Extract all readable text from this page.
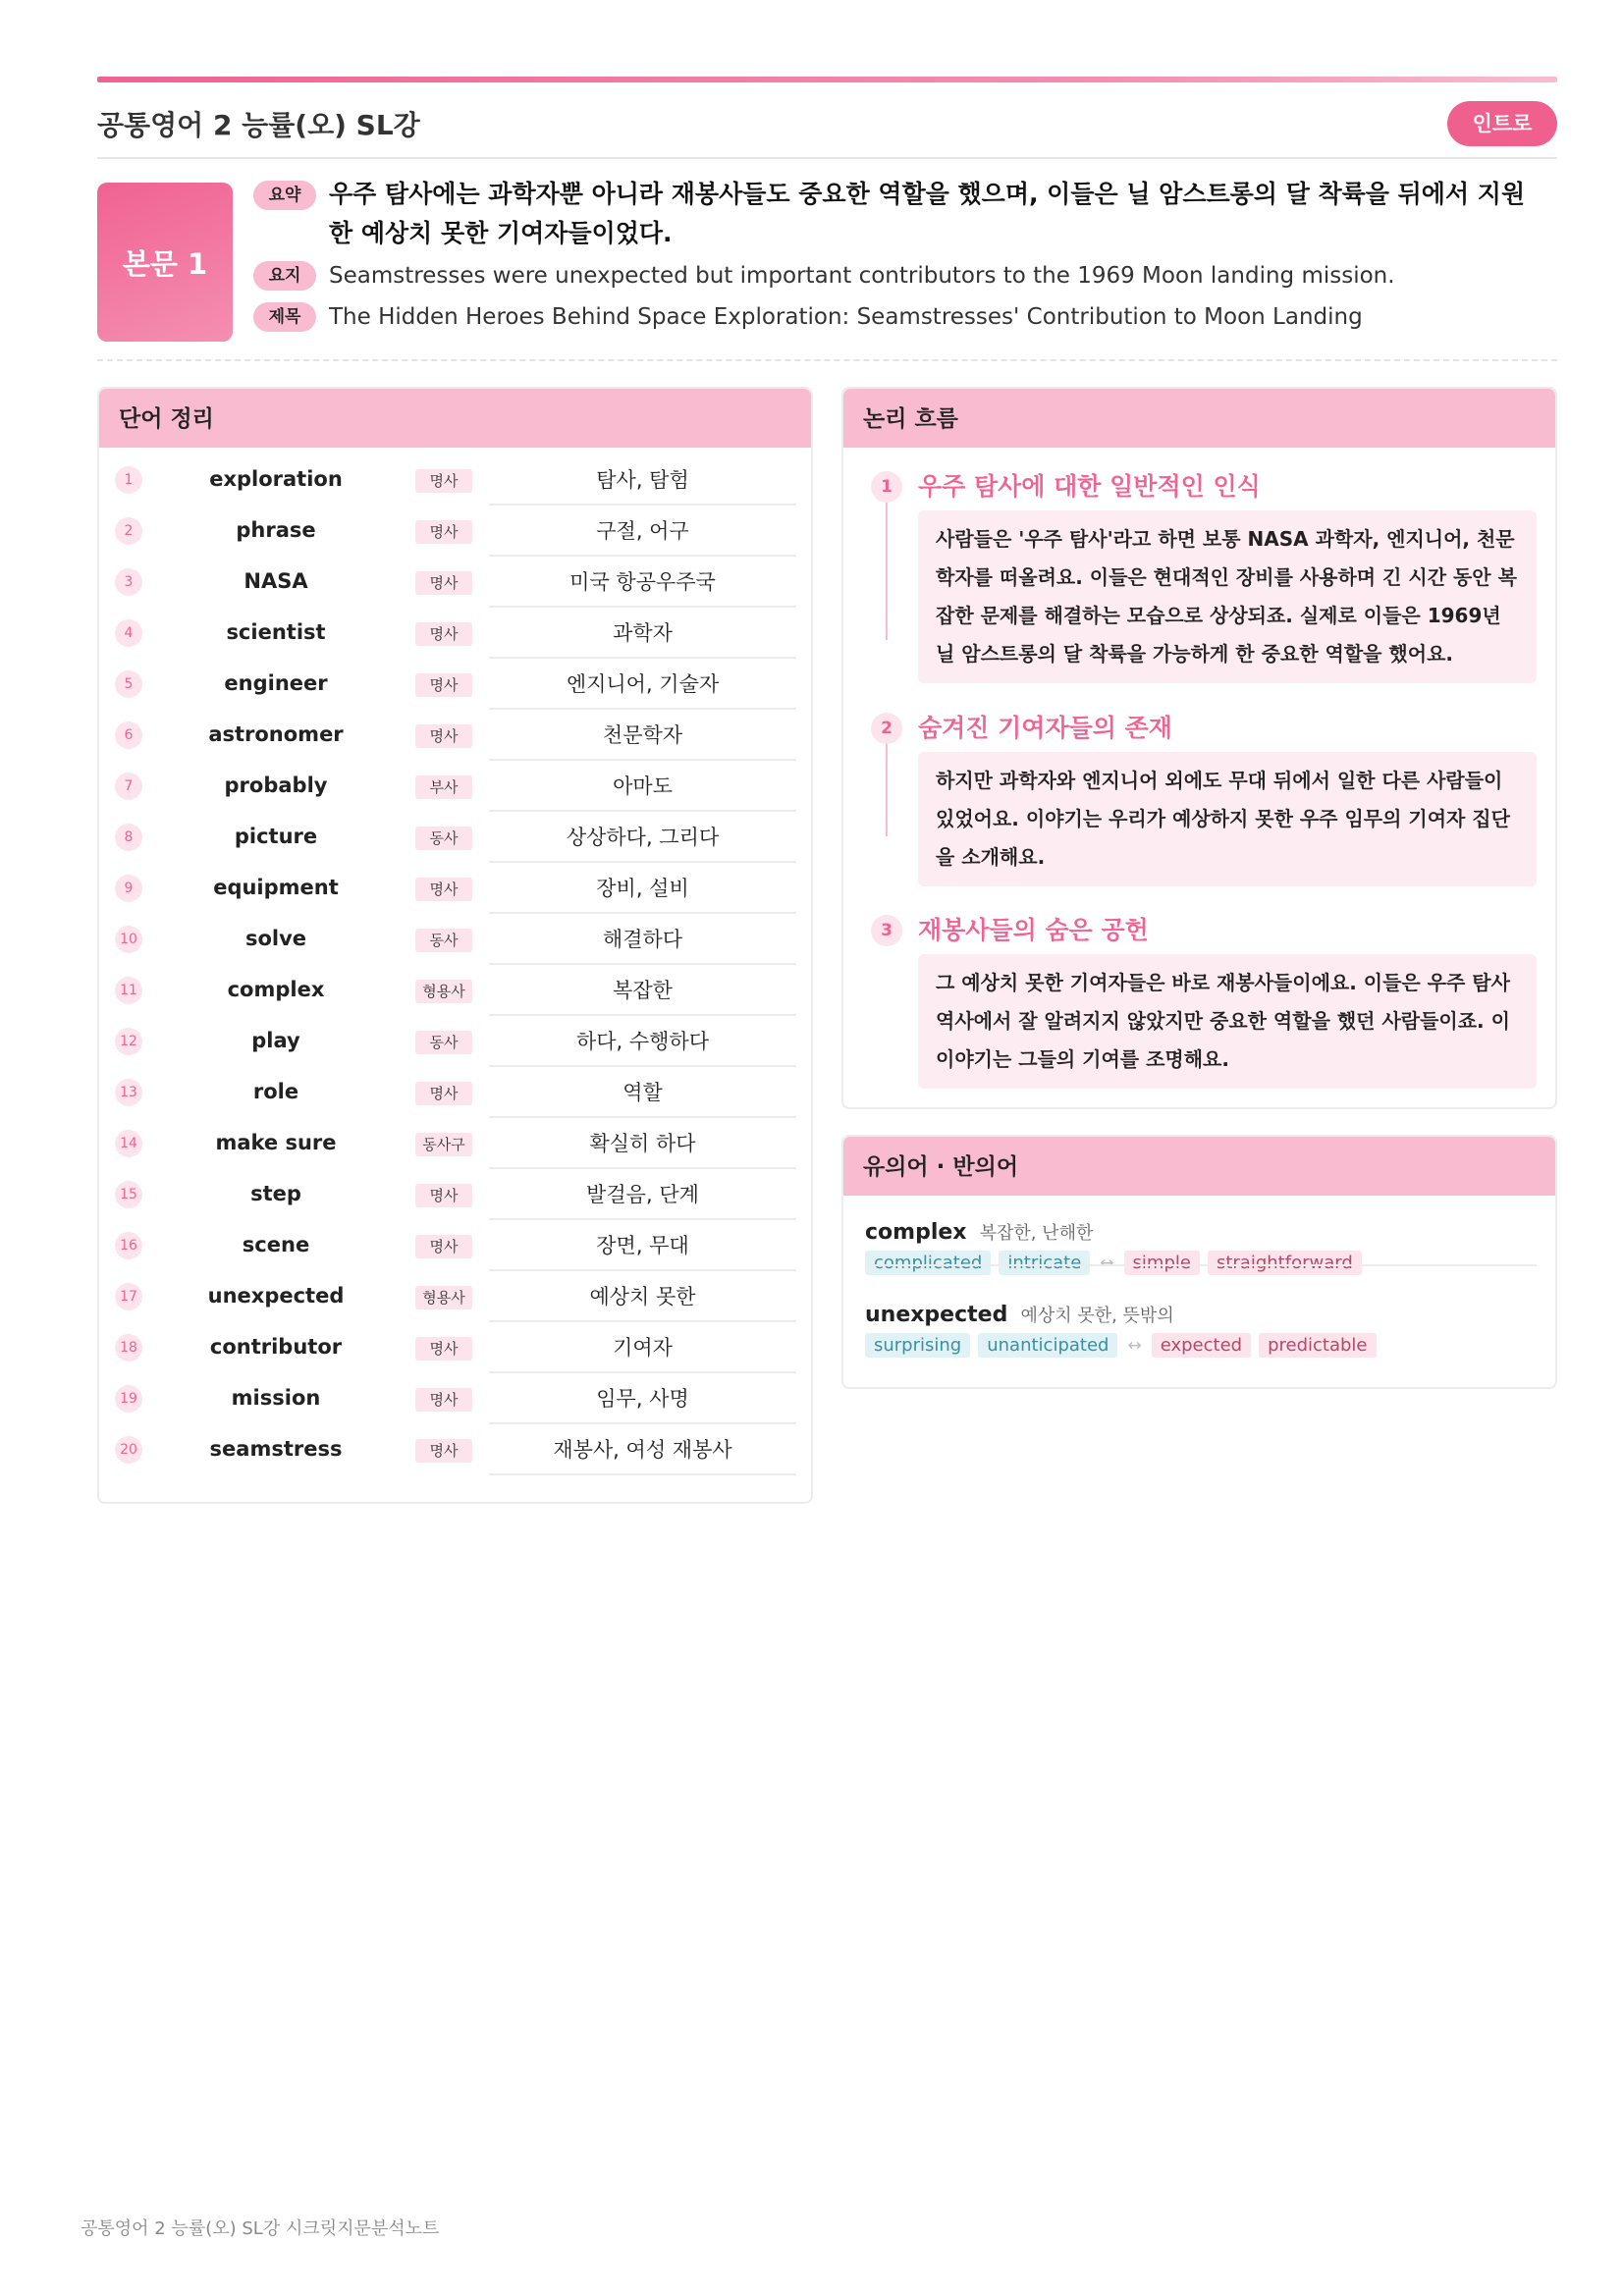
공통영어 2 능률(오) SL강	인트로
본문 1
요약	우주 탐사에는 과학자뿐 아니라 재봉사들도 중요한 역할을 했으며, 이들은 닐 암스트롱의 달 착륙을 뒤에서 지원한 예상치 못한 기여자들이었다.
요지	Seamstresses were unexpected but important contributors to the 1969 Moon landing mission.
제목	The Hidden Heroes Behind Space Exploration: Seamstresses' Contribution to Moon Landing
단어 정리
1	exploration	명사	탐사, 탐험
2	phrase	명사	구절, 어구
3	NASA	명사	미국 항공우주국
4	scientist	명사	과학자
5	engineer	명사	엔지니어, 기술자
6	astronomer	명사	천문학자
7	probably	부사	아마도
8	picture	동사	상상하다, 그리다
9	equipment	명사	장비, 설비
10	solve	동사	해결하다
11	complex	형용사	복잡한
12	play	동사	하다, 수행하다
13	role	명사	역할
14	make sure	동사구	확실히 하다
15	step	명사	발걸음, 단계
16	scene	명사	장면, 무대
17	unexpected	형용사	예상치 못한
18	contributor	명사	기여자
19	mission	명사	임무, 사명
20	seamstress	명사	재봉사, 여성 재봉사
논리 흐름
1	우주 탐사에 대한 일반적인 인식
사람들은 '우주 탐사'라고 하면 보통 NASA 과학자, 엔지니어, 천문학자를 떠올려요. 이들은 현대적인 장비를 사용하며 긴 시간 동안 복잡한 문제를 해결하는 모습으로 상상되죠. 실제로 이들은 1969년 닐 암스트롱의 달 착륙을 가능하게 한 중요한 역할을 했어요.
2	숨겨진 기여자들의 존재
하지만 과학자와 엔지니어 외에도 무대 뒤에서 일한 다른 사람들이 있었어요. 이야기는 우리가 예상하지 못한 우주 임무의 기여자 집단을 소개해요.
3	재봉사들의 숨은 공헌
그 예상치 못한 기여자들은 바로 재봉사들이에요. 이들은 우주 탐사 역사에서 잘 알려지지 않았지만 중요한 역할을 했던 사람들이죠. 이 이야기는 그들의 기여를 조명해요.
유의어 · 반의어
complex 복잡한, 난해한
complicated	intricate	↔	simple	straightforward
unexpected 예상치 못한, 뜻밖의
surprising	unanticipated	↔	expected	predictable
공통영어 2 능률(오) SL강 시크릿지문분석노트
